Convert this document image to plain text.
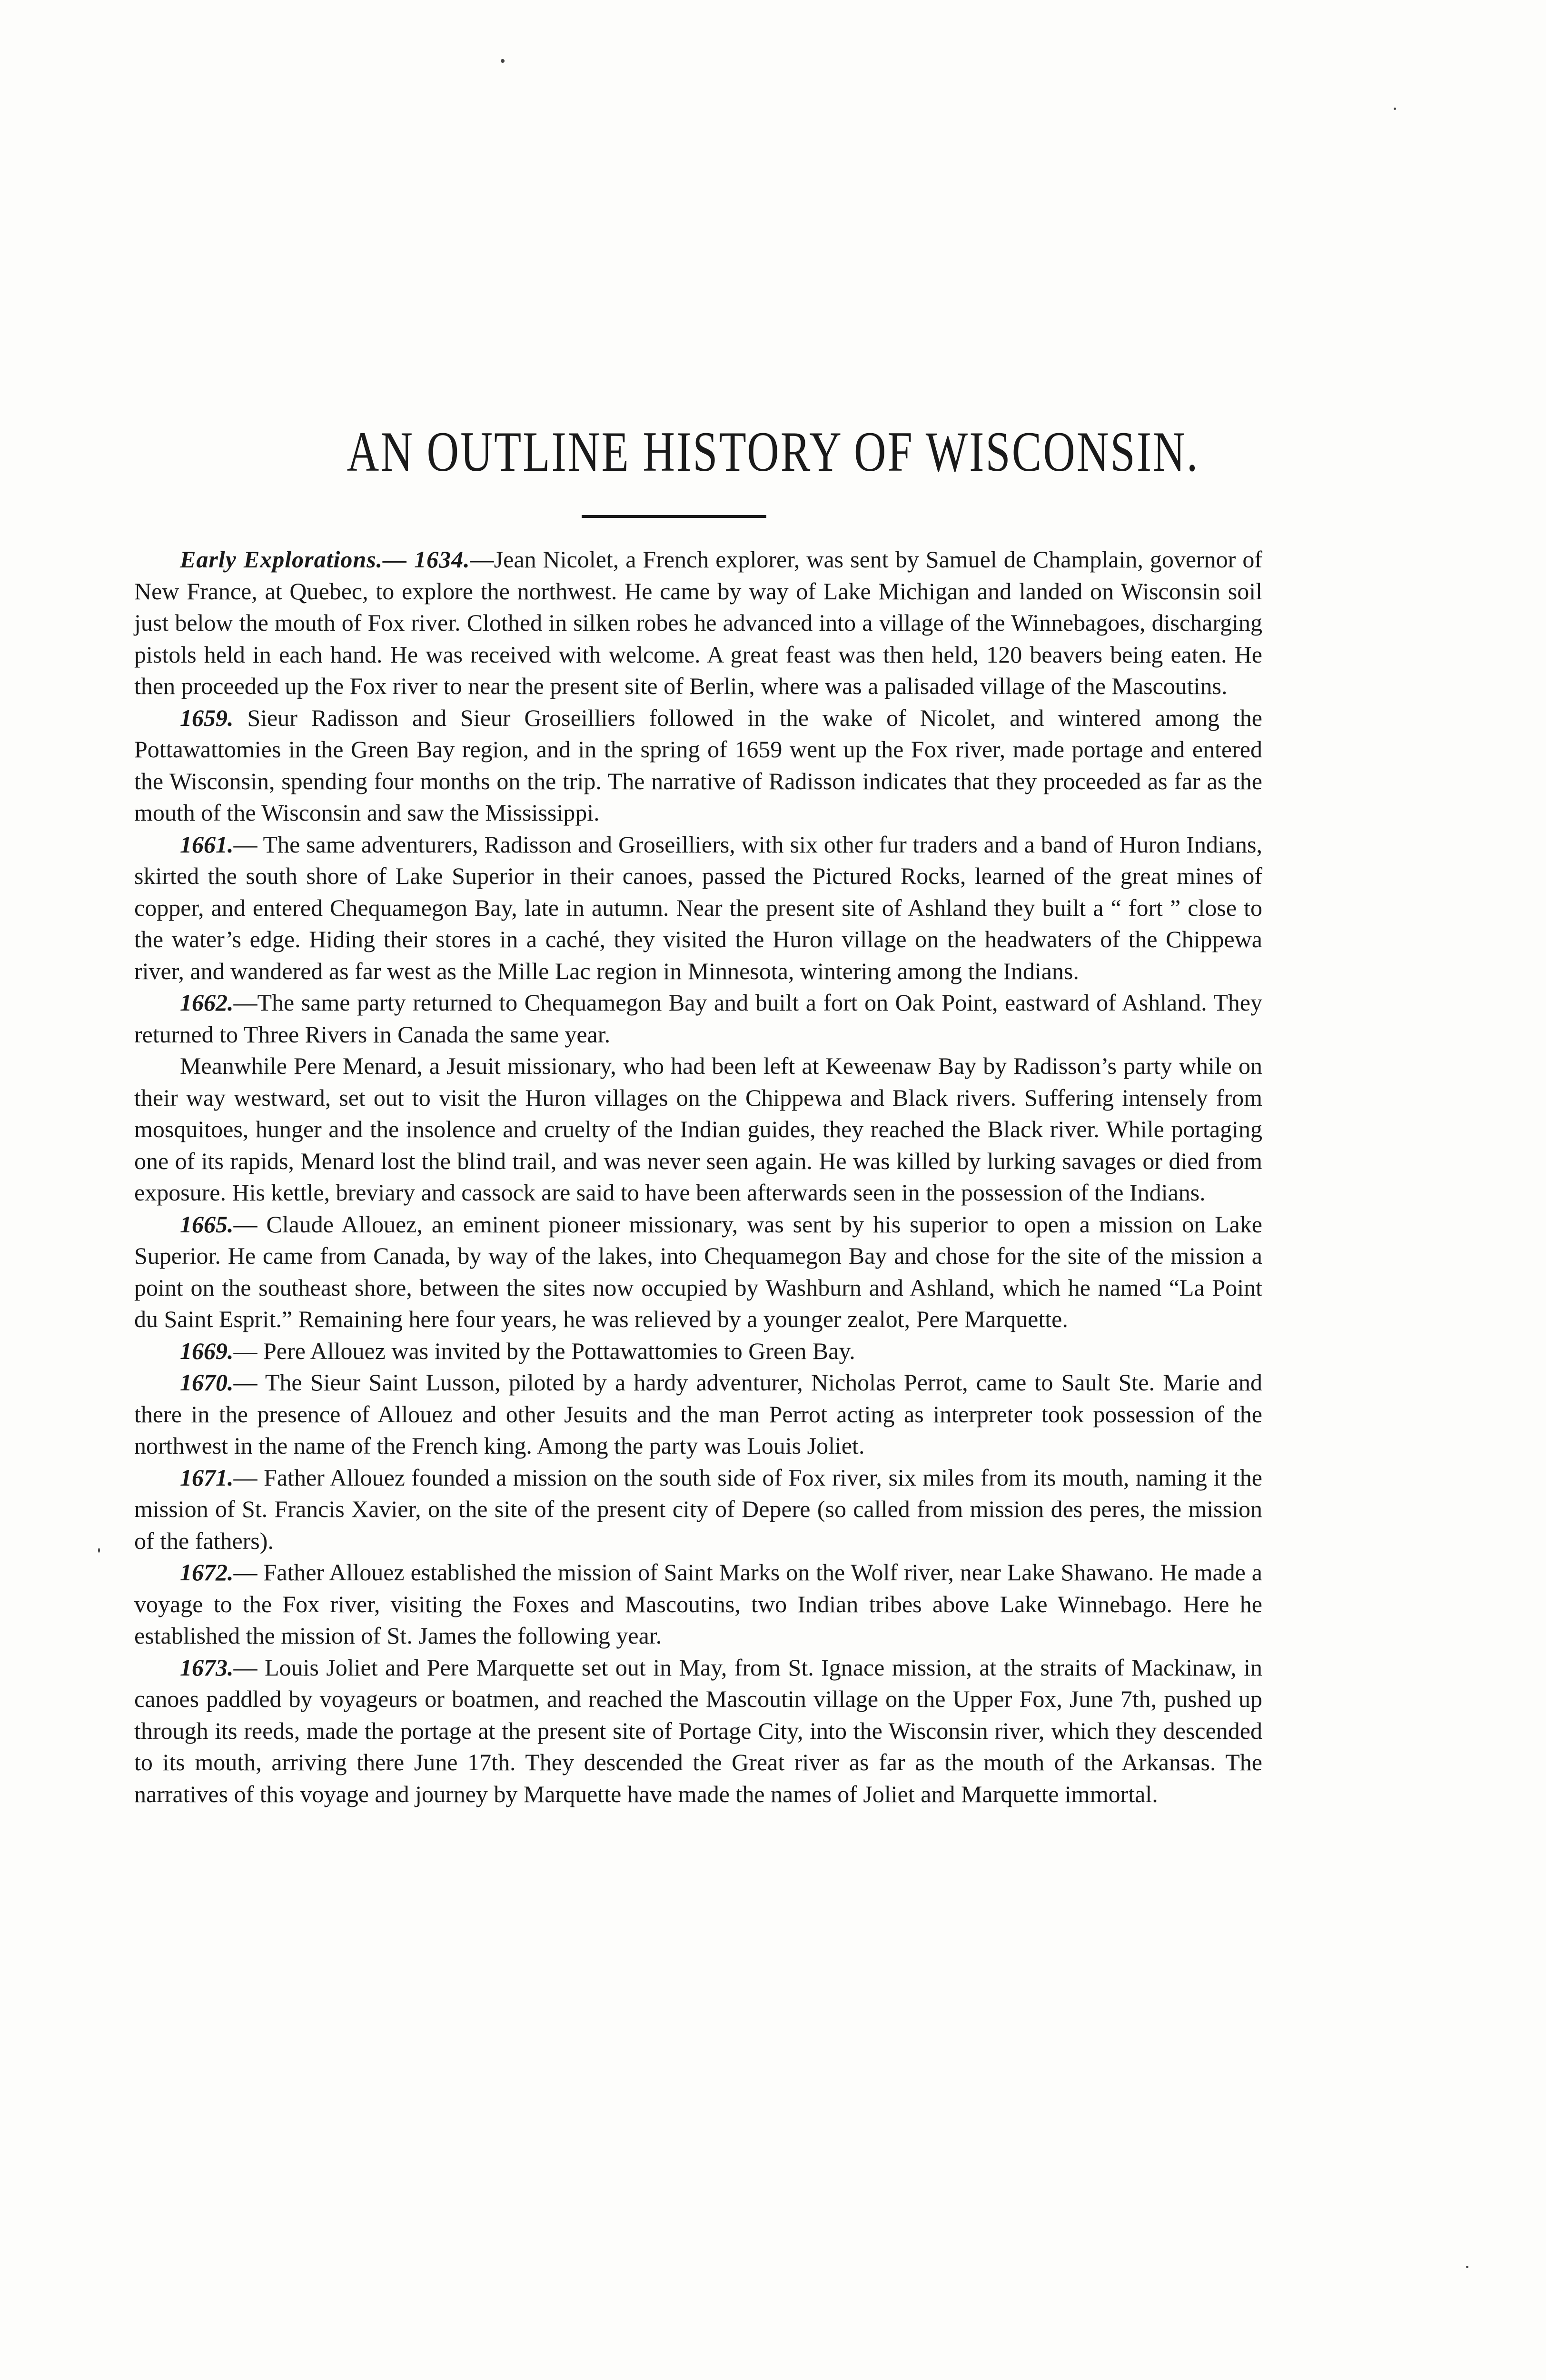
AN OUTLINE HISTORY OF WISCONSIN.

Early Explorations.— 1634.—Jean Nicolet, a French explorer, was sent by Samuel de Champlain, governor of New France, at Quebec, to explore the northwest. He came by way of Lake Michigan and landed on Wisconsin soil just below the mouth of Fox river. Clothed in silken robes he advanced into a village of the Winnebagoes, discharging pistols held in each hand. He was received with welcome. A great feast was then held, 120 beavers being eaten. He then proceeded up the Fox river to near the present site of Berlin, where was a palisaded village of the Mascoutins.

1659. Sieur Radisson and Sieur Groseilliers followed in the wake of Nicolet, and wintered among the Pottawattomies in the Green Bay region, and in the spring of 1659 went up the Fox river, made portage and entered the Wisconsin, spending four months on the trip. The narrative of Radisson indicates that they proceeded as far as the mouth of the Wisconsin and saw the Mississippi.

1661.— The same adventurers, Radisson and Groseilliers, with six other fur traders and a band of Huron Indians, skirted the south shore of Lake Superior in their canoes, passed the Pictured Rocks, learned of the great mines of copper, and entered Chequamegon Bay, late in autumn. Near the present site of Ashland they built a “ fort ” close to the water’s edge. Hiding their stores in a caché, they visited the Huron village on the headwaters of the Chippewa river, and wandered as far west as the Mille Lac region in Minnesota, wintering among the Indians.

1662.—The same party returned to Chequamegon Bay and built a fort on Oak Point, eastward of Ashland. They returned to Three Rivers in Canada the same year.

Meanwhile Pere Menard, a Jesuit missionary, who had been left at Keweenaw Bay by Radisson’s party while on their way westward, set out to visit the Huron villages on the Chippewa and Black rivers. Suffering intensely from mosquitoes, hunger and the insolence and cruelty of the Indian guides, they reached the Black river. While portaging one of its rapids, Menard lost the blind trail, and was never seen again. He was killed by lurking savages or died from exposure. His kettle, breviary and cassock are said to have been afterwards seen in the possession of the Indians.

1665.— Claude Allouez, an eminent pioneer missionary, was sent by his superior to open a mission on Lake Superior. He came from Canada, by way of the lakes, into Chequamegon Bay and chose for the site of the mission a point on the southeast shore, between the sites now occupied by Washburn and Ashland, which he named “La Point du Saint Esprit.” Remaining here four years, he was relieved by a younger zealot, Pere Marquette.

1669.— Pere Allouez was invited by the Pottawattomies to Green Bay.

1670.— The Sieur Saint Lusson, piloted by a hardy adventurer, Nicholas Perrot, came to Sault Ste. Marie and there in the presence of Allouez and other Jesuits and the man Perrot acting as interpreter took possession of the northwest in the name of the French king. Among the party was Louis Joliet.

1671.— Father Allouez founded a mission on the south side of Fox river, six miles from its mouth, naming it the mission of St. Francis Xavier, on the site of the present city of Depere (so called from mission des peres, the mission of the fathers).

1672.— Father Allouez established the mission of Saint Marks on the Wolf river, near Lake Shawano. He made a voyage to the Fox river, visiting the Foxes and Mascoutins, two Indian tribes above Lake Winnebago. Here he established the mission of St. James the following year.

1673.— Louis Joliet and Pere Marquette set out in May, from St. Ignace mission, at the straits of Mackinaw, in canoes paddled by voyageurs or boatmen, and reached the Mascoutin village on the Upper Fox, June 7th, pushed up through its reeds, made the portage at the present site of Portage City, into the Wisconsin river, which they descended to its mouth, arriving there June 17th. They descended the Great river as far as the mouth of the Arkansas. The narratives of this voyage and journey by Marquette have made the names of Joliet and Marquette immortal.
